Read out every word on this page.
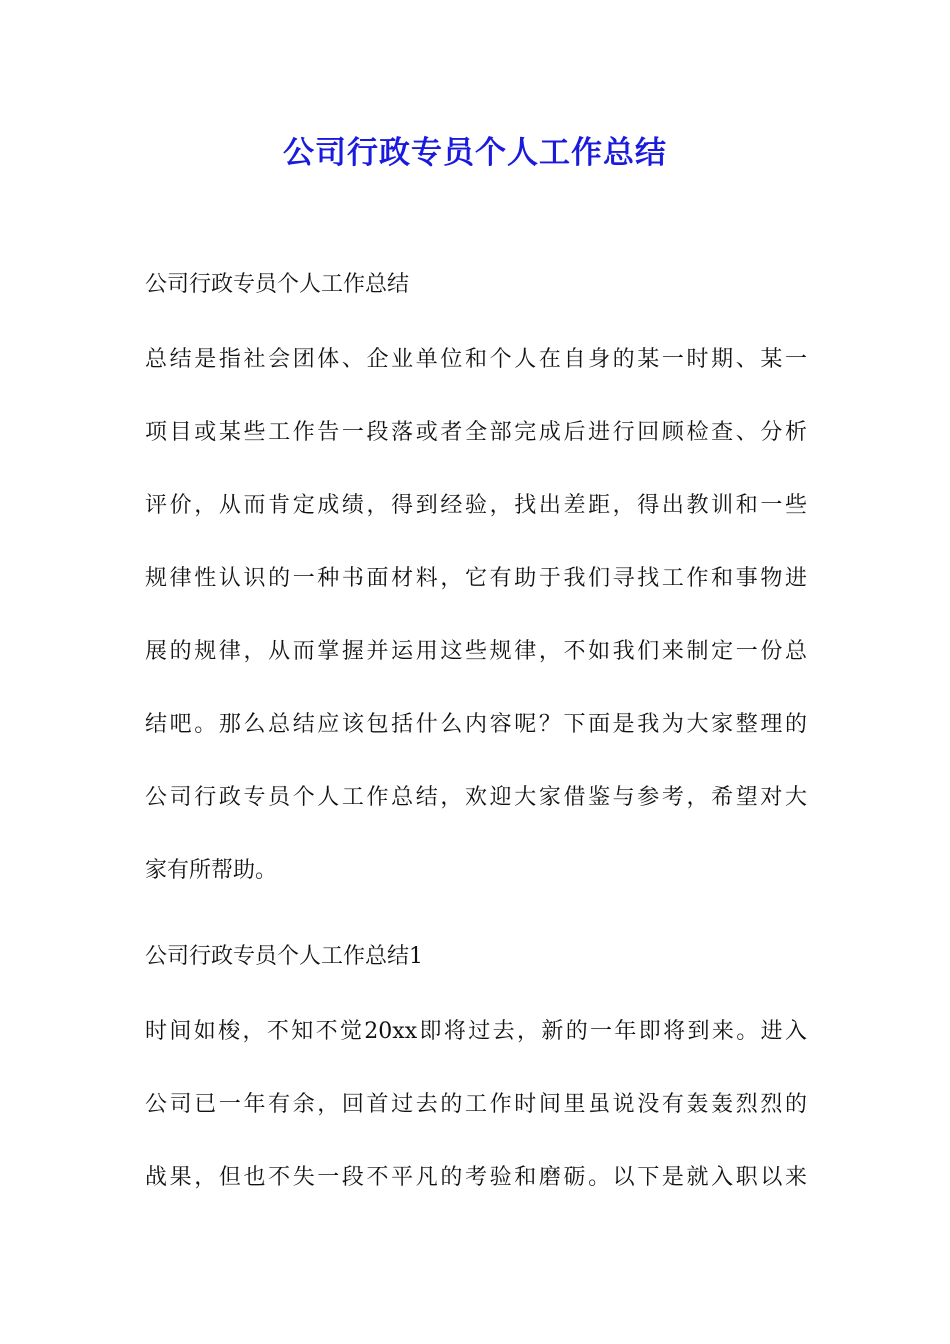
公司行政专员个人工作总结

公司行政专员个人工作总结

总结是指社会团体、企业单位和个人在自身的某一时期、某一
项目或某些工作告一段落或者全部完成后进行回顾检查、分析
评价，从而肯定成绩，得到经验，找出差距，得出教训和一些
规律性认识的一种书面材料，它有助于我们寻找工作和事物进
展的规律，从而掌握并运用这些规律，不如我们来制定一份总
结吧。那么总结应该包括什么内容呢？下面是我为大家整理的
公司行政专员个人工作总结，欢迎大家借鉴与参考，希望对大
家有所帮助。

公司行政专员个人工作总结1

时间如梭，不知不觉20xx即将过去，新的一年即将到来。进入
公司已一年有余，回首过去的工作时间里虽说没有轰轰烈烈的
战果，但也不失一段不平凡的考验和磨砺。以下是就入职以来
